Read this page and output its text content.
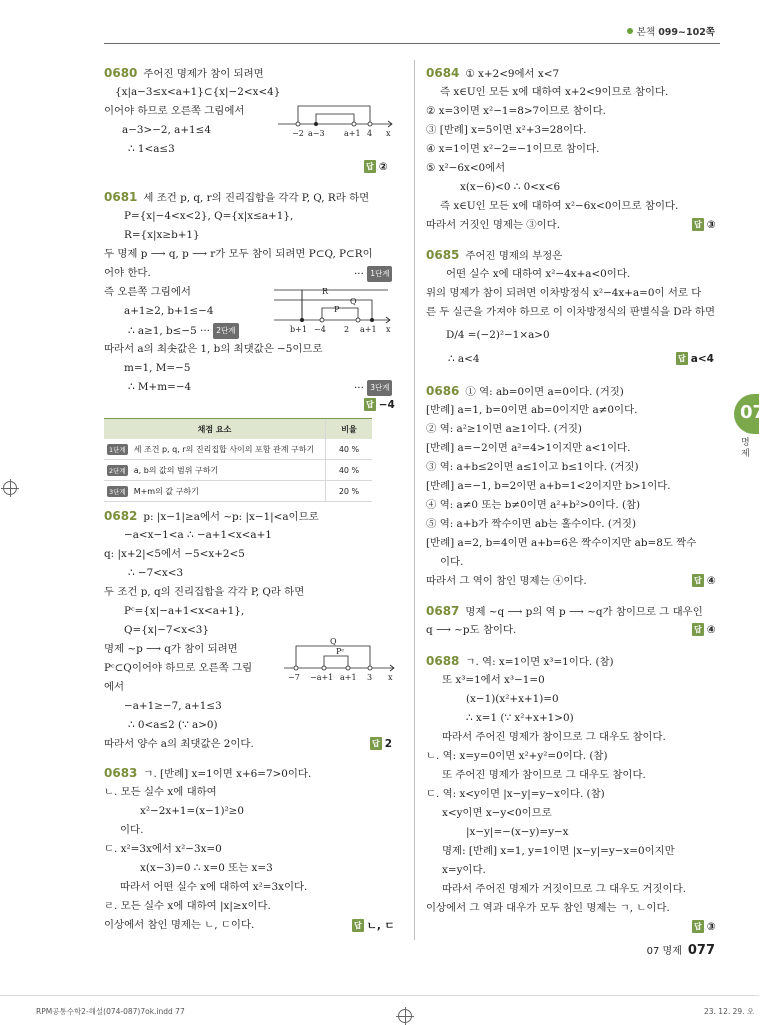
본책 099~102쪽
0680 주어진 명제가 참이 되려면
{x|a−3≤x<a+1}⊂{x|−2<x<4}
이어야 하므로 오른쪽 그림에서
a−3>−2, a+1≤4
∴ 1<a≤3
−2 a−3 a+1 4 x
답 ②
0681 세 조건 p, q, r의 진리집합을 각각 P, Q, R라 하면
P={x|−4<x<2}, Q={x|x≤a+1},
R={x|x≥b+1}
두 명제 p ⟶ q, p ⟶ r가 모두 참이 되려면 P⊂Q, P⊂R이
어야 한다.	··· 1단계
즉 오른쪽 그림에서
a+1≥2, b+1≤−4
∴ a≥1, b≤−5 ··· 2단계
따라서 a의 최솟값은 1, b의 최댓값은 −5이므로
m=1, M=−5
∴ M+m=−4	··· 3단계
답 −4
R
Q
P
b+1 −4 2 a+1 x
채점 요소	비율
1단계 세 조건 p, q, r의 진리집합 사이의 포함 관계 구하기	40 %
2단계 a, b의 값의 범위 구하기	40 %
3단계 M+m의 값 구하기	20 %
0682 p: |x−1|≥a에서 ~p: |x−1|<a이므로
−a<x−1<a ∴ −a+1<x<a+1
q: |x+2|<5에서 −5<x+2<5
∴ −7<x<3
두 조건 p, q의 진리집합을 각각 P, Q라 하면
Pᶜ={x|−a+1<x<a+1},
Q={x|−7<x<3}
명제 ~p ⟶ q가 참이 되려면
Pᶜ⊂Q이어야 하므로 오른쪽 그림
에서
−a+1≥−7, a+1≤3
∴ 0<a≤2 (∵ a>0)
따라서 양수 a의 최댓값은 2이다.	답 2
Q
Pᶜ
−7 −a+1 a+1 3 x
0683 ㄱ. [반례] x=1이면 x+6=7>0이다.
ㄴ. 모든 실수 x에 대하여
x²−2x+1=(x−1)²≥0
이다.
ㄷ. x²=3x에서 x²−3x=0
x(x−3)=0 ∴ x=0 또는 x=3
따라서 어떤 실수 x에 대하여 x²=3x이다.
ㄹ. 모든 실수 x에 대하여 |x|≥x이다.
이상에서 참인 명제는 ㄴ, ㄷ이다.	답 ㄴ, ㄷ
0684 ① x+2<9에서 x<7
즉 x∈U인 모든 x에 대하여 x+2<9이므로 참이다.
② x=3이면 x²−1=8>7이므로 참이다.
③ [반례] x=5이면 x²+3=28이다.
④ x=1이면 x²−2=−1이므로 참이다.
⑤ x²−6x<0에서
x(x−6)<0 ∴ 0<x<6
즉 x∈U인 모든 x에 대하여 x²−6x<0이므로 참이다.
따라서 거짓인 명제는 ③이다.	답 ③
0685 주어진 명제의 부정은
어떤 실수 x에 대하여 x²−4x+a<0이다.
위의 명제가 참이 되려면 이차방정식 x²−4x+a=0이 서로 다
른 두 실근을 가져야 하므로 이 이차방정식의 판별식을 D라 하면
D/4 =(−2)²−1×a>0
∴ a<4	답 a<4
0686 ① 역: ab=0이면 a=0이다. (거짓)
[반례] a=1, b=0이면 ab=0이지만 a≠0이다.
② 역: a²≥1이면 a≥1이다. (거짓)
[반례] a=−2이면 a²=4>1이지만 a<1이다.
③ 역: a+b≤2이면 a≤1이고 b≤1이다. (거짓)
[반례] a=−1, b=2이면 a+b=1<2이지만 b>1이다.
④ 역: a≠0 또는 b≠0이면 a²+b²>0이다. (참)
⑤ 역: a+b가 짝수이면 ab는 홀수이다. (거짓)
[반례] a=2, b=4이면 a+b=6은 짝수이지만 ab=8도 짝수
이다.
따라서 그 역이 참인 명제는 ④이다.	답 ④
0687 명제 ~q ⟶ p의 역 p ⟶ ~q가 참이므로 그 대우인
q ⟶ ~p도 참이다.	답 ④
0688 ㄱ. 역: x=1이면 x³=1이다. (참)
또 x³=1에서 x³−1=0
(x−1)(x²+x+1)=0
∴ x=1 (∵ x²+x+1>0)
따라서 주어진 명제가 참이므로 그 대우도 참이다.
ㄴ. 역: x=y=0이면 x²+y²=0이다. (참)
또 주어진 명제가 참이므로 그 대우도 참이다.
ㄷ. 역: x<y이면 |x−y|=y−x이다. (참)
x<y이면 x−y<0이므로
|x−y|=−(x−y)=y−x
명제: [반례] x=1, y=1이면 |x−y|=y−x=0이지만
x=y이다.
따라서 주어진 명제가 거짓이므로 그 대우도 거짓이다.
이상에서 그 역과 대우가 모두 참인 명제는 ㄱ, ㄴ이다.
답 ③
07
명제
07 명제 077
RPM공통수학2-해설(074-087)7ok.indd 77	23. 12. 29. 오
